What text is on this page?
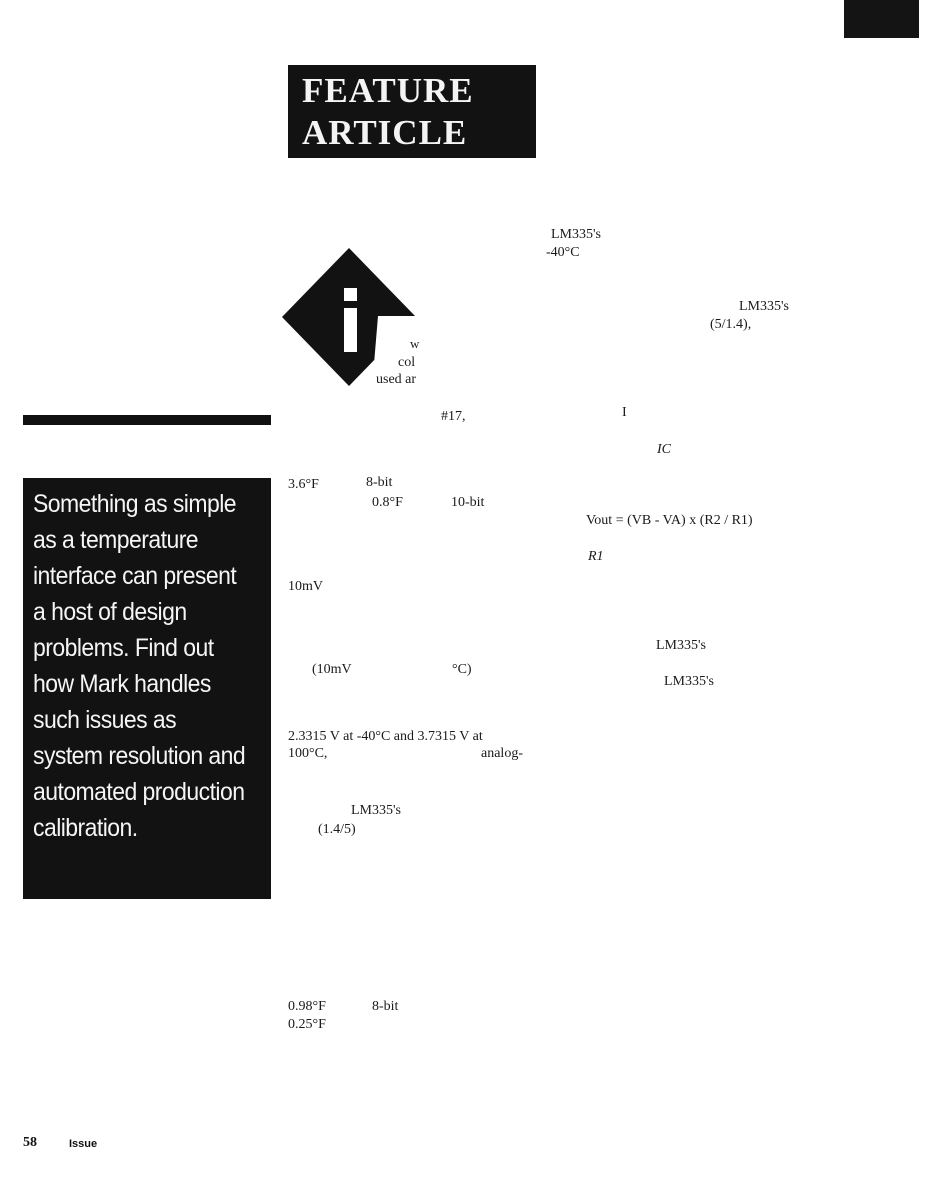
FEATURE
ARTICLE
w
col
used ar

Something as simple as a temperature interface can present a host of design problems. Find out how Mark handles such issues as system resolution and automated production calibration.

#17,	I
3.6°F	8-bit
0.8°F	10-bit
10mV
(10mV	°C)
2.3315 V at -40°C and 3.7315 V at
100°C,	analog-
LM335's
(1.4/5)
0.98°F	8-bit
0.25°F
LM335's
-40°C
LM335's
(5/1.4),
IC
Vout = (VB - VA) x (R2 / R1)
R1
LM335's
LM335's
58	Issue
